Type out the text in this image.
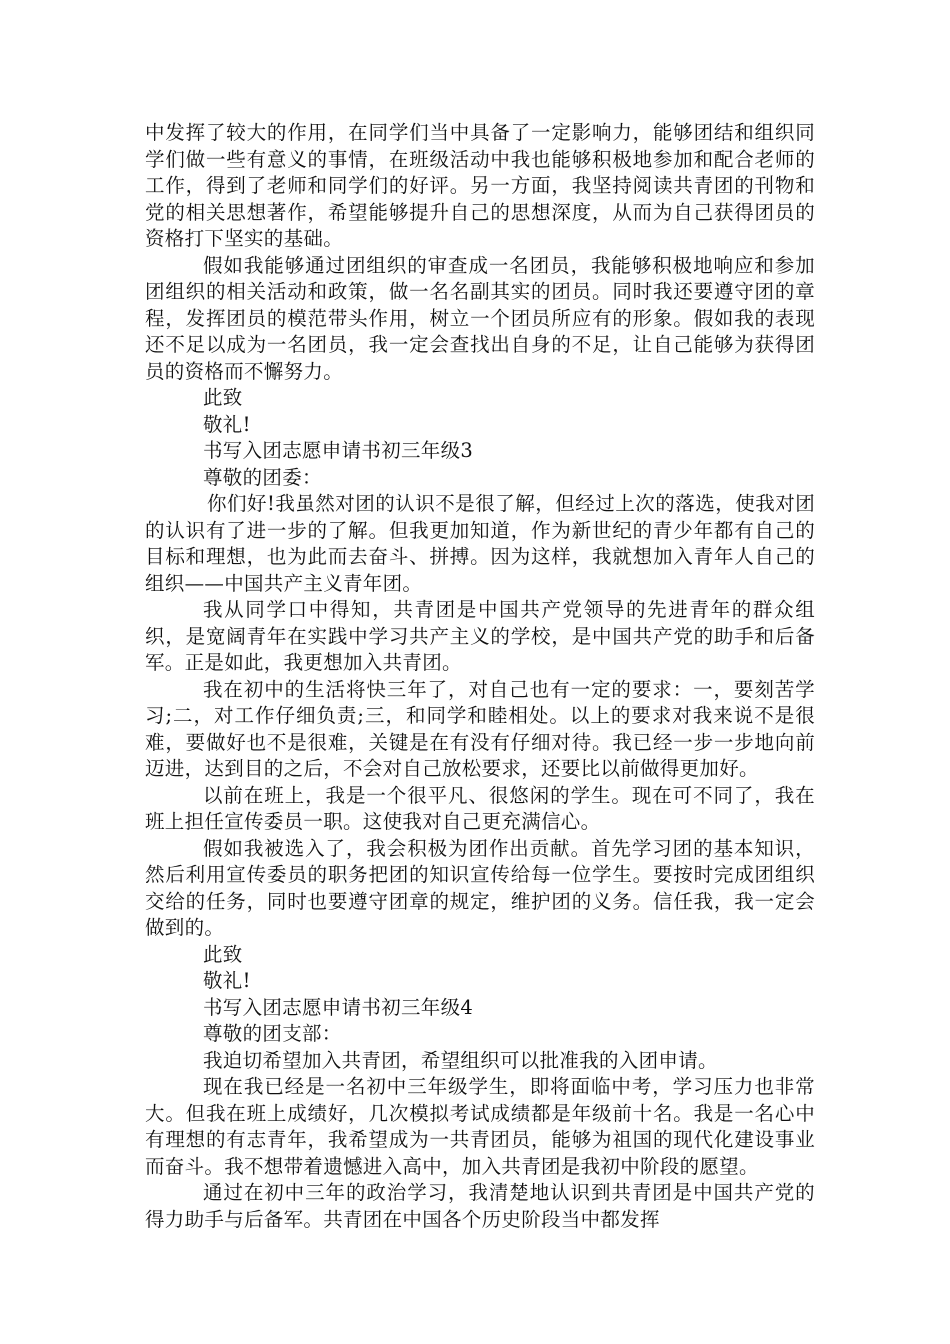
中发挥了较大的作用，在同学们当中具备了一定影响力，能够团结和组织同学们做一些有意义的事情，在班级活动中我也能够积极地参加和配合老师的工作，得到了老师和同学们的好评。另一方面，我坚持阅读共青团的刊物和党的相关思想著作，希望能够提升自己的思想深度，从而为自己获得团员的资格打下坚实的基础。

假如我能够通过团组织的审查成一名团员，我能够积极地响应和参加团组织的相关活动和政策，做一名名副其实的团员。同时我还要遵守团的章程，发挥团员的模范带头作用，树立一个团员所应有的形象。假如我的表现还不足以成为一名团员，我一定会查找出自身的不足，让自己能够为获得团员的资格而不懈努力。

此致

敬礼!

书写入团志愿申请书初三年级3

尊敬的团委：

你们好!我虽然对团的认识不是很了解，但经过上次的落选，使我对团的认识有了进一步的了解。但我更加知道，作为新世纪的青少年都有自己的目标和理想，也为此而去奋斗、拼搏。因为这样，我就想加入青年人自己的组织——中国共产主义青年团。

我从同学口中得知，共青团是中国共产党领导的先进青年的群众组织，是宽阔青年在实践中学习共产主义的学校，是中国共产党的助手和后备军。正是如此，我更想加入共青团。

我在初中的生活将快三年了，对自己也有一定的要求：一，要刻苦学习;二，对工作仔细负责;三，和同学和睦相处。以上的要求对我来说不是很难，要做好也不是很难，关键是在有没有仔细对待。我已经一步一步地向前迈进，达到目的之后，不会对自己放松要求，还要比以前做得更加好。

以前在班上，我是一个很平凡、很悠闲的学生。现在可不同了，我在班上担任宣传委员一职。这使我对自己更充满信心。

假如我被选入了，我会积极为团作出贡献。首先学习团的基本知识，然后利用宣传委员的职务把团的知识宣传给每一位学生。要按时完成团组织交给的任务，同时也要遵守团章的规定，维护团的义务。信任我，我一定会做到的。

此致

敬礼!

书写入团志愿申请书初三年级4

尊敬的团支部：

我迫切希望加入共青团，希望组织可以批准我的入团申请。

现在我已经是一名初中三年级学生，即将面临中考，学习压力也非常大。但我在班上成绩好，几次模拟考试成绩都是年级前十名。我是一名心中有理想的有志青年，我希望成为一共青团员，能够为祖国的现代化建设事业而奋斗。我不想带着遗憾进入高中，加入共青团是我初中阶段的愿望。

通过在初中三年的政治学习，我清楚地认识到共青团是中国共产党的得力助手与后备军。共青团在中国各个历史阶段当中都发挥
